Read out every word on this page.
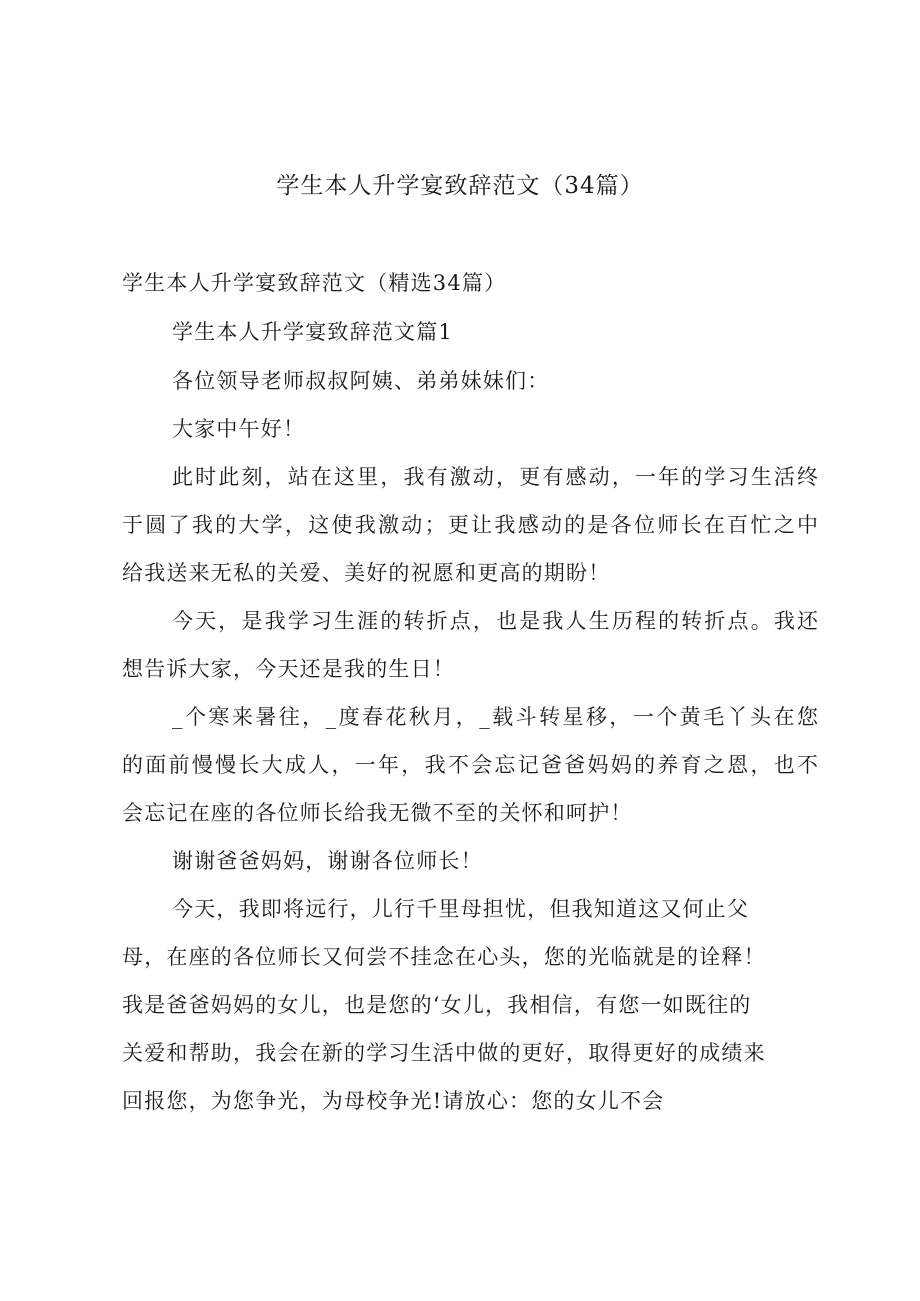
学生本人升学宴致辞范文（34篇）

学生本人升学宴致辞范文（精选34篇）

学生本人升学宴致辞范文篇1

各位领导老师叔叔阿姨、弟弟妹妹们：

大家中午好！

此时此刻，站在这里，我有激动，更有感动，一年的学习生活终

于圆了我的大学，这使我激动；更让我感动的是各位师长在百忙之中

给我送来无私的关爱、美好的祝愿和更高的期盼！

今天，是我学习生涯的转折点，也是我人生历程的转折点。我还

想告诉大家，今天还是我的生日！

_个寒来暑往，_度春花秋月，_载斗转星移，一个黄毛丫头在您

的面前慢慢长大成人，一年，我不会忘记爸爸妈妈的养育之恩，也不

会忘记在座的各位师长给我无微不至的关怀和呵护！

谢谢爸爸妈妈，谢谢各位师长！

今天，我即将远行，儿行千里母担忧，但我知道这又何止父

母，在座的各位师长又何尝不挂念在心头，您的光临就是的诠释！

我是爸爸妈妈的女儿，也是您的‘女儿，我相信，有您一如既往的

关爱和帮助，我会在新的学习生活中做的更好，取得更好的成绩来

回报您，为您争光，为母校争光!请放心：您的女儿不会
